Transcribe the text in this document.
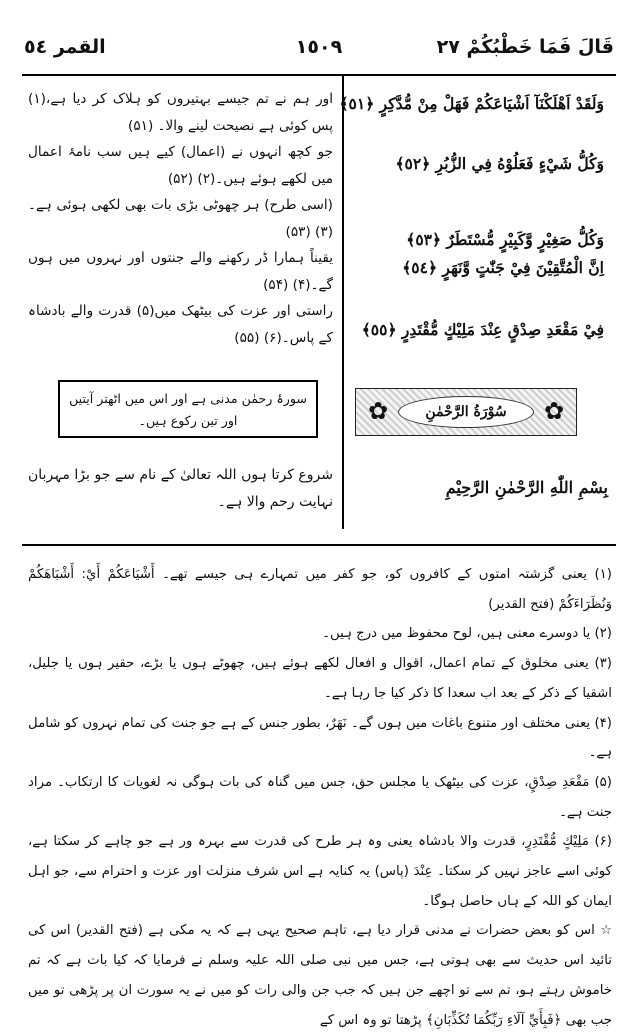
قَالَ فَمَا خَطْبُکُمْ ٢٧
١٥٠٩
القمر ٥٤
وَلَقَدْ اَهْلَكْنَآ اَشْيَاعَكُمْ فَهَلْ مِنْ مُّدَّكِرٍ ﴿٥١﴾
وَكُلُّ شَيْءٍ فَعَلُوْهُ فِي الزُّبُرِ ﴿٥٢﴾
وَكُلُّ صَغِيْرٍ وَّكَبِيْرٍ مُّسْتَطَرٌ ﴿٥٣﴾
اِنَّ الْمُتَّقِيْنَ فِيْ جَنّٰتٍ وَّنَهَرٍ ﴿٥٤﴾
فِيْ مَقْعَدِ صِدْقٍ عِنْدَ مَلِيْكٍ مُّقْتَدِرٍ ﴿٥٥﴾

اور ہم نے تم جیسے بہتیروں کو ہلاک کر دیا ہے،(۱) پس کوئی ہے نصیحت لینے والا۔ (۵۱)

جو کچھ انہوں نے (اعمال) کیے ہیں سب نامۂ اعمال میں لکھے ہوئے ہیں۔(۲) (۵۲)

(اسی طرح) ہر چھوٹی بڑی بات بھی لکھی ہوئی ہے۔(۳) (۵۳)

یقیناً ہمارا ڈر رکھنے والے جنتوں اور نہروں میں ہوں گے۔(۴) (۵۴)

راستی اور عزت کی بیٹھک میں(۵) قدرت والے بادشاہ کے پاس۔(۶) (۵۵)

سورۂ رحمٰن مدنی ہے اور اس میں اٹھتر آیتیں اور تین رکوع ہیں۔	✿	سُوْرَةُ الرَّحْمٰنِ	✿
بِسْمِ اللّٰهِ الرَّحْمٰنِ الرَّحِيْمِ
شروع کرتا ہوں اللہ تعالیٰ کے نام سے جو بڑا مہربان نہایت رحم والا ہے۔

(۱) یعنی گزشتہ امتوں کے کافروں کو، جو کفر میں تمہارے ہی جیسے تھے۔ أَشْيَاعَكُمْ أَيْ: أَشْبَاهَكُمْ وَنُظَرَاءَكُمْ (فتح القدیر)

(۲) یا دوسرے معنی ہیں، لوح محفوظ میں درج ہیں۔

(۳) یعنی مخلوق کے تمام اعمال، اقوال و افعال لکھے ہوئے ہیں، چھوٹے ہوں یا بڑے، حقیر ہوں یا جلیل، اشقیا کے ذکر کے بعد اب سعدا کا ذکر کیا جا رہا ہے۔

(۴) یعنی مختلف اور متنوع باغات میں ہوں گے۔ نَهَرٌ، بطور جنس کے ہے جو جنت کی تمام نہروں کو شامل ہے۔

(۵) مَقْعَدِ صِدْقٍ، عزت کی بیٹھک یا مجلس حق، جس میں گناہ کی بات ہوگی نہ لغویات کا ارتکاب۔ مراد جنت ہے۔

(۶) مَلِيْكٍ مُّقْتَدِرٍ، قدرت والا بادشاہ یعنی وہ ہر طرح کی قدرت سے بہرہ ور ہے جو چاہے کر سکتا ہے، کوئی اسے عاجز نہیں کر سکتا۔ عِنْدَ (پاس) یہ کنایہ ہے اس شرف منزلت اور عزت و احترام سے، جو اہل ایمان کو اللہ کے ہاں حاصل ہوگا۔

☆ اس کو بعض حضرات نے مدنی قرار دیا ہے، تاہم صحیح یہی ہے کہ یہ مکی ہے (فتح القدیر) اس کی تائید اس حدیث سے بھی ہوتی ہے، جس میں نبی صلی اللہ علیہ وسلم نے فرمایا کہ کیا بات ہے کہ تم خاموش رہتے ہو، تم سے تو اچھے جن ہیں کہ جب جن والی رات کو میں نے یہ سورت ان پر پڑھی تو میں جب بھی ﴿فَبِأَيِّ آلَاءِ رَبِّكُمَا تُكَذِّبَانِ﴾ پڑھتا تو وہ اس کے
